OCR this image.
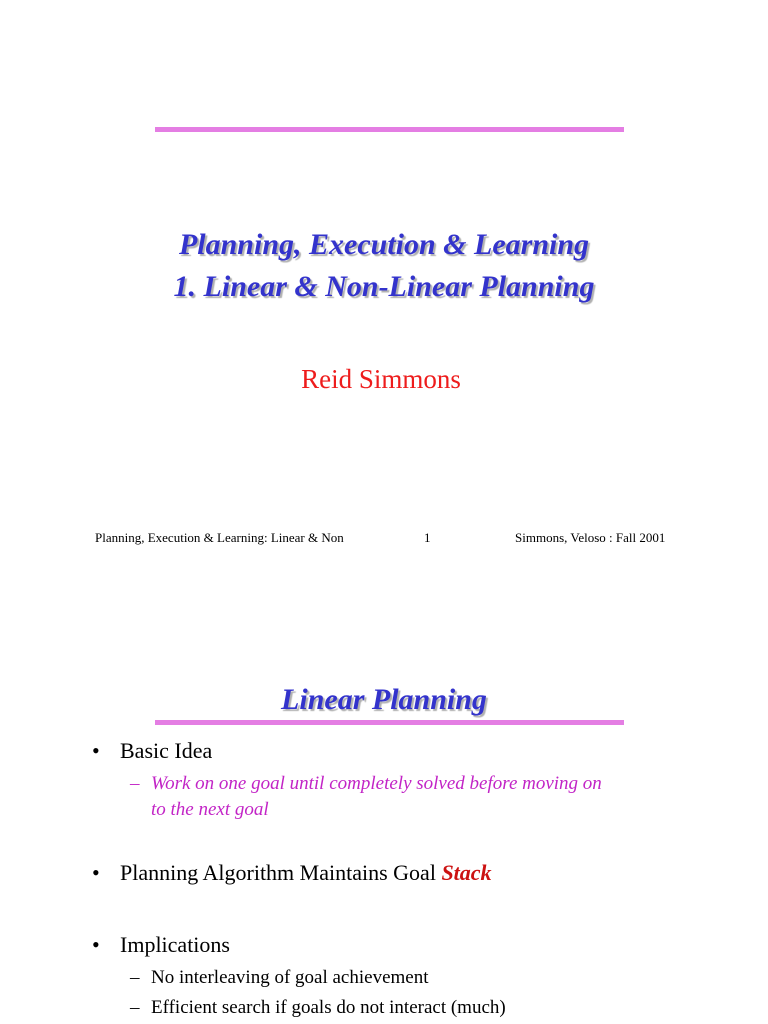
Planning, Execution & Learning
1. Linear & Non-Linear Planning
Reid Simmons
Planning, Execution & Learning: Linear & Non	1	Simmons, Veloso : Fall 2001
Linear Planning
• Basic Idea
– Work on one goal until completely solved before moving on
to the next goal
• Planning Algorithm Maintains Goal Stack
• Implications
– No interleaving of goal achievement
– Efficient search if goals do not interact (much)
